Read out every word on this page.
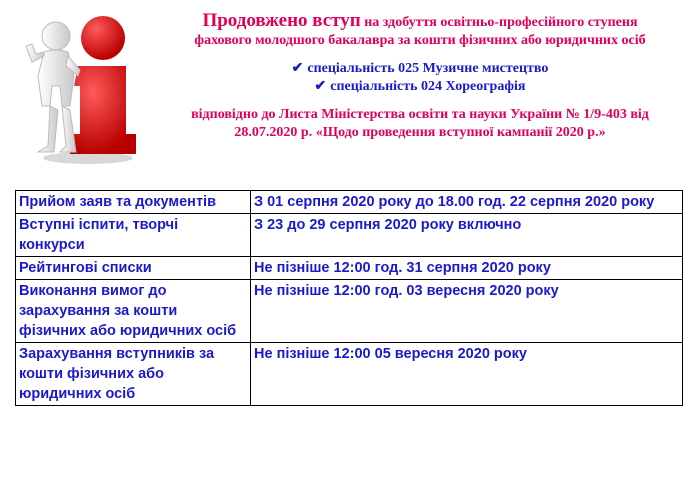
Продовжено вступ на здобуття освітньо-професійного ступеня
фахового молодшого бакалавра за кошти фізичних або юридичних осіб
✔ спеціальність 025 Музичне мистецтво
✔ спеціальність 024 Хореографія
відповідно до Листа Міністерства освіти та науки України № 1/9-403 від
28.07.2020 р. «Щодо проведення вступної кампанії 2020 р.»
Прийом заяв та документів	З 01 серпня 2020 року до 18.00 год. 22 серпня 2020 року
Вступні іспити, творчі конкурси	З 23 до 29 серпня 2020 року включно
Рейтингові списки	Не пізніше 12:00 год. 31 серпня 2020 року
Виконання вимог до зарахування за кошти фізичних або юридичних осіб	Не пізніше 12:00 год. 03 вересня 2020 року
Зарахування вступників за кошти фізичних або юридичних осіб	Не пізніше 12:00 05 вересня 2020 року
